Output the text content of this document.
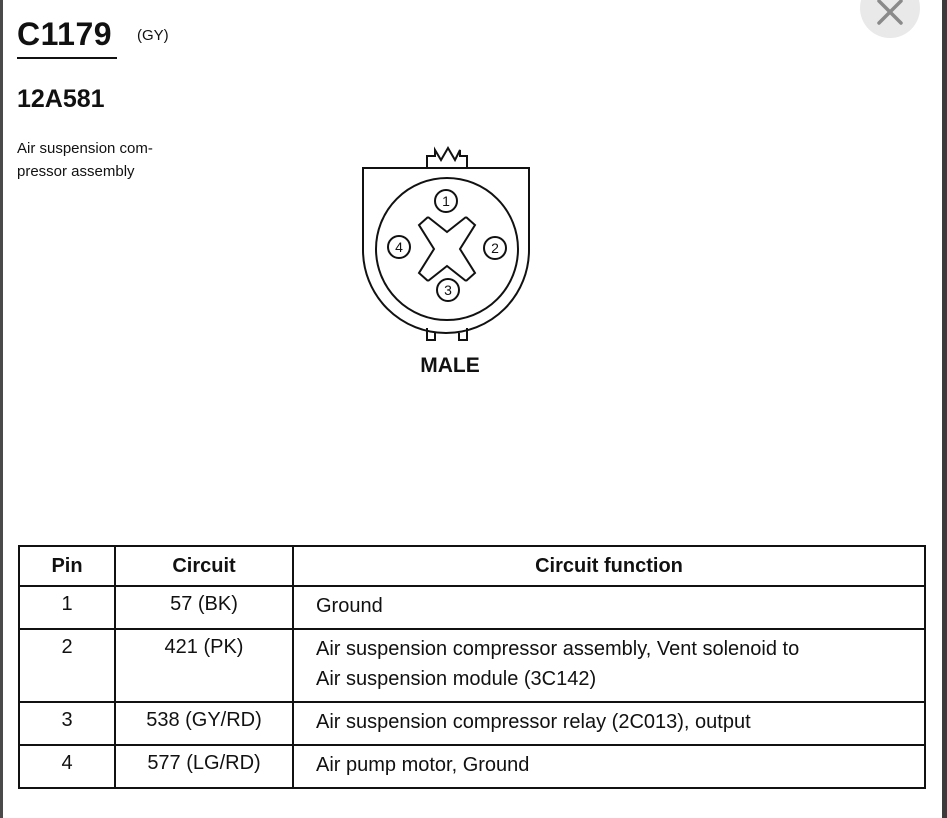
C1179 (GY)
12A581
Air suspension com-
pressor assembly
1
2
3
4
MALE
Pin	Circuit	Circuit function
1	57 (BK)	Ground

2	421 (PK)	Air suspension compressor assembly, Vent solenoid to
Air suspension module (3C142)

3	538 (GY/RD)	Air suspension compressor relay (2C013), output

4	577 (LG/RD)	Air pump motor, Ground
